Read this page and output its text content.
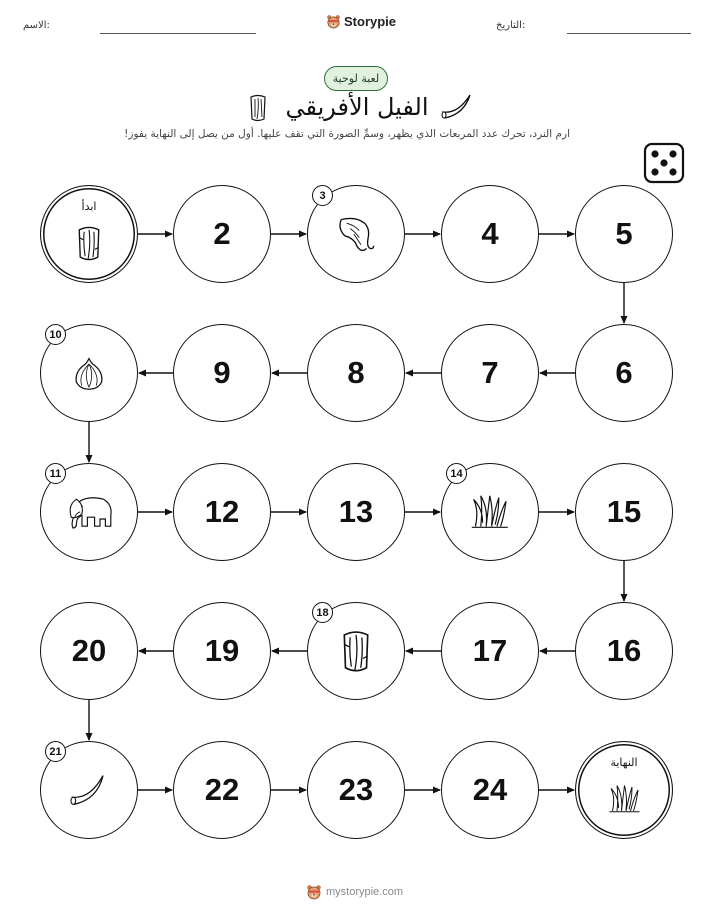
الاسم:	Storypie	التاريخ:
لعبة لوحية
الفيل الأفريقي
ارم النرد، تحرك عدد المربعات الذي يظهر، وسمِّ الصورة التي تقف عليها. أول من يصل إلى النهاية يفوز!
ابدأ
2
3
4	5
6
7
8
9
10
11
12	13
14
15
16
17
18
19
20
21
22	23	24
النهاية
mystorypie.com
